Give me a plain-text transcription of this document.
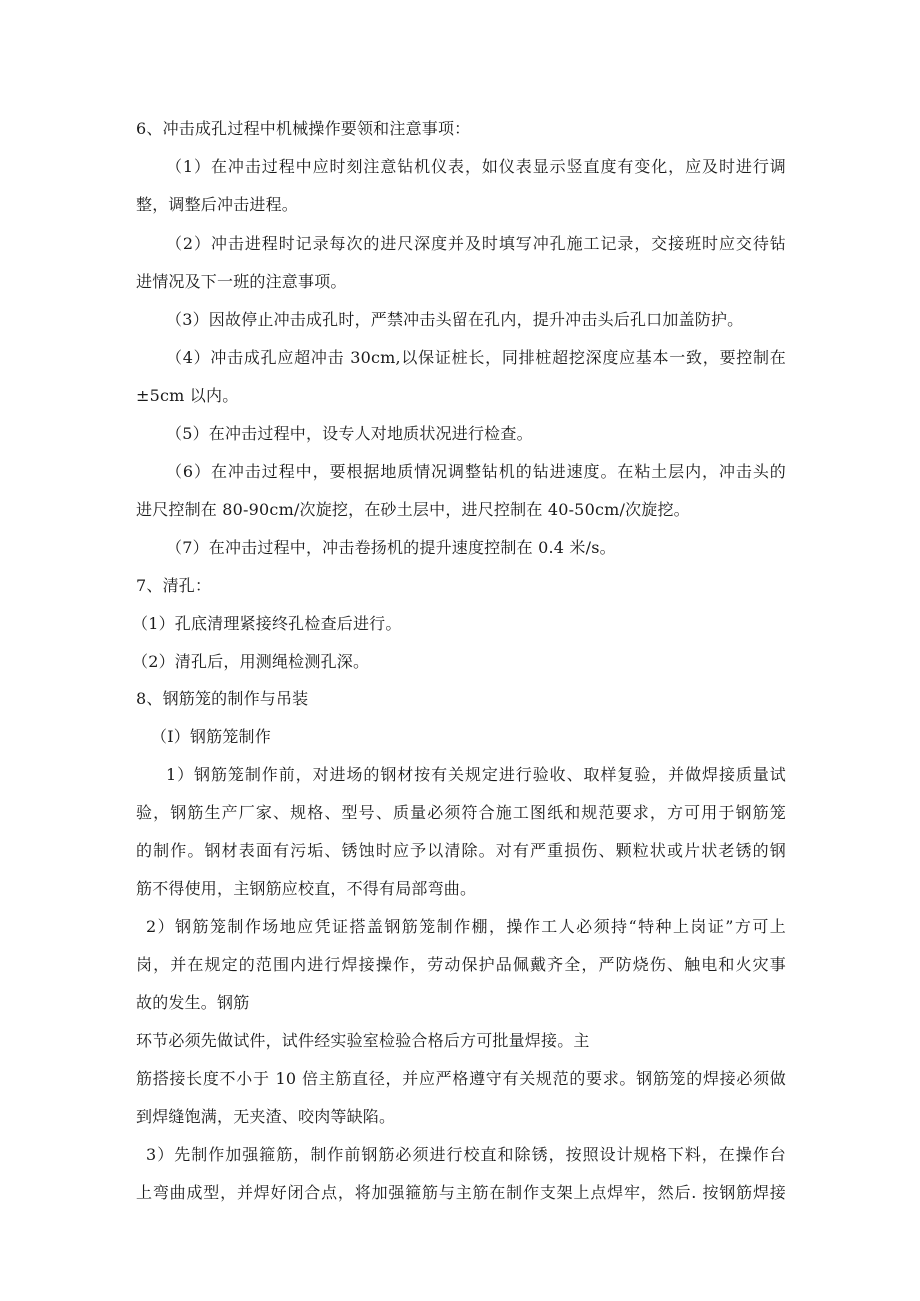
6、冲击成孔过程中机械操作要领和注意事项：
（1）在冲击过程中应时刻注意钻机仪表，如仪表显示竖直度有变化，应及时进行调
整，调整后冲击进程。
（2）冲击进程时记录每次的进尺深度并及时填写冲孔施工记录，交接班时应交待钻
进情况及下一班的注意事项。
（3）因故停止冲击成孔时，严禁冲击头留在孔内，提升冲击头后孔口加盖防护。
（4）冲击成孔应超冲击 30cm,以保证桩长，同排桩超挖深度应基本一致，要控制在
±5cm 以内。
（5）在冲击过程中，设专人对地质状况进行检查。
（6）在冲击过程中，要根据地质情况调整钻机的钻进速度。在粘土层内，冲击头的
进尺控制在 80-90cm/次旋挖，在砂土层中，进尺控制在 40-50cm/次旋挖。
（7）在冲击过程中，冲击卷扬机的提升速度控制在 0.4 米/s。
7、清孔：
（1）孔底清理紧接终孔检查后进行。
（2）清孔后，用测绳检测孔深。
8、钢筋笼的制作与吊装
（I）钢筋笼制作
1）钢筋笼制作前，对进场的钢材按有关规定进行验收、取样复验，并做焊接质量试
验，钢筋生产厂家、规格、型号、质量必须符合施工图纸和规范要求，方可用于钢筋笼
的制作。钢材表面有污垢、锈蚀时应予以清除。对有严重损伤、颗粒状或片状老锈的钢
筋不得使用，主钢筋应校直，不得有局部弯曲。
2）钢筋笼制作场地应凭证搭盖钢筋笼制作棚，操作工人必须持“特种上岗证”方可上
岗，并在规定的范围内进行焊接操作，劳动保护品佩戴齐全，严防烧伤、触电和火灾事
故的发生。钢筋
环节必须先做试件，试件经实验室检验合格后方可批量焊接。主
筋搭接长度不小于 10 倍主筋直径，并应严格遵守有关规范的要求。钢筋笼的焊接必须做
到焊缝饱满，无夹渣、咬肉等缺陷。
3）先制作加强箍筋，制作前钢筋必须进行校直和除锈，按照设计规格下料，在操作台
上弯曲成型，并焊好闭合点，将加强箍筋与主筋在制作支架上点焊牢，然后. 按钢筋焊接
